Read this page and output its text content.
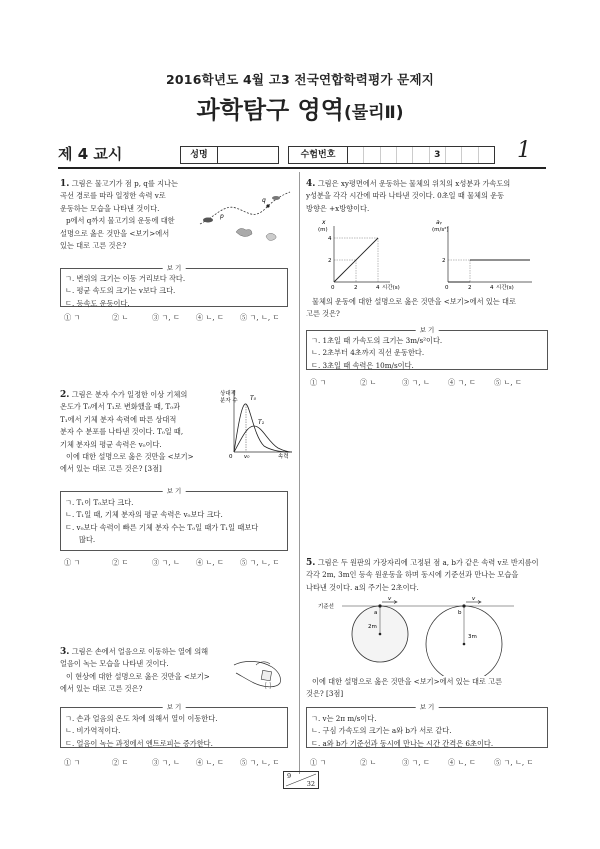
2016학년도 4월 고3 전국연합학력평가 문제지
과학탐구 영역(물리Ⅱ)
제 4 교시	성명	수험번호	3	1
1. 그림은 물고기가 점 p, q를 지나는
곡선 경로를 따라 일정한 속력 v로
운동하는 모습을 나타낸 것이다.
p에서 q까지 물고기의 운동에 대한
설명으로 옳은 것만을 <보기>에서
있는 대로 고른 것은?
p
q
보 기
ㄱ. 변위의 크기는 이동 거리보다 작다.
ㄴ. 평균 속도의 크기는 v보다 크다.
ㄷ. 등속도 운동이다.
① ㄱ	② ㄴ	③ ㄱ, ㄷ	④ ㄴ, ㄷ	⑤ ㄱ, ㄴ, ㄷ
2. 그림은 분자 수가 일정한 이상 기체의
온도가 T₀에서 T₁로 변화했을 때, T₀과
T₁에서 기체 분자 속력에 따른 상대적
분자 수 분포를 나타낸 것이다. T₀일 때,
기체 분자의 평균 속력은 v₀이다.
이에 대한 설명으로 옳은 것만을 <보기>
에서 있는 대로 고른 것은? [3점]
상대적
분자 수 T₀
T₁
0 v₀	속력
보 기
ㄱ. T₁이 T₀보다 크다.
ㄴ. T₁일 때, 기체 분자의 평균 속력은 v₀보다 크다.
ㄷ. v₀보다 속력이 빠른 기체 분자 수는 T₀일 때가 T₁일 때보다
많다.
① ㄱ	② ㄷ	③ ㄱ, ㄴ	④ ㄴ, ㄷ	⑤ ㄱ, ㄴ, ㄷ
3. 그림은 손에서 얼음으로 이동하는 열에 의해
얼음이 녹는 모습을 나타낸 것이다.
이 현상에 대한 설명으로 옳은 것만을 <보기>
에서 있는 대로 고른 것은?
보 기
ㄱ. 손과 얼음의 온도 차에 의해서 열이 이동한다.
ㄴ. 비가역적이다.
ㄷ. 얼음이 녹는 과정에서 엔트로피는 증가한다.
① ㄱ	② ㄷ	③ ㄱ, ㄴ	④ ㄴ, ㄷ	⑤ ㄱ, ㄴ, ㄷ
4. 그림은 xy평면에서 운동하는 물체의 위치의 x성분과 가속도의
y성분을 각각 시간에 따라 나타낸 것이다. 0초일 때 물체의 운동
방향은 +x방향이다.
x
(m)
4
2
0	2	4 시간(s)
aᵧ
(m/s²)
2
0	2	4 시간(s)
물체의 운동에 대한 설명으로 옳은 것만을 <보기>에서 있는 대로
고른 것은?
보 기
ㄱ. 1초일 때 가속도의 크기는 3m/s²이다.
ㄴ. 2초부터 4초까지 직선 운동한다.
ㄷ. 3초일 때 속력은 10m/s이다.
① ㄱ	② ㄴ	③ ㄱ, ㄴ	④ ㄱ, ㄷ	⑤ ㄴ, ㄷ
5. 그림은 두 원판의 가장자리에 고정된 점 a, b가 같은 속력 v로 반지름이
각각 2m, 3m인 등속 원운동을 하며 동시에 기준선과 만나는 모습을
나타낸 것이다. a의 주기는 2초이다.
기준선
v	v
a	b
2m
3m
이에 대한 설명으로 옳은 것만을 <보기>에서 있는 대로 고른
것은? [3점]
보 기
ㄱ. v는 2π m/s이다.
ㄴ. 구심 가속도의 크기는 a와 b가 서로 같다.
ㄷ. a와 b가 기준선과 동시에 만나는 시간 간격은 6초이다.
① ㄱ	② ㄴ	③ ㄱ, ㄷ	④ ㄴ, ㄷ	⑤ ㄱ, ㄴ, ㄷ
9
32
